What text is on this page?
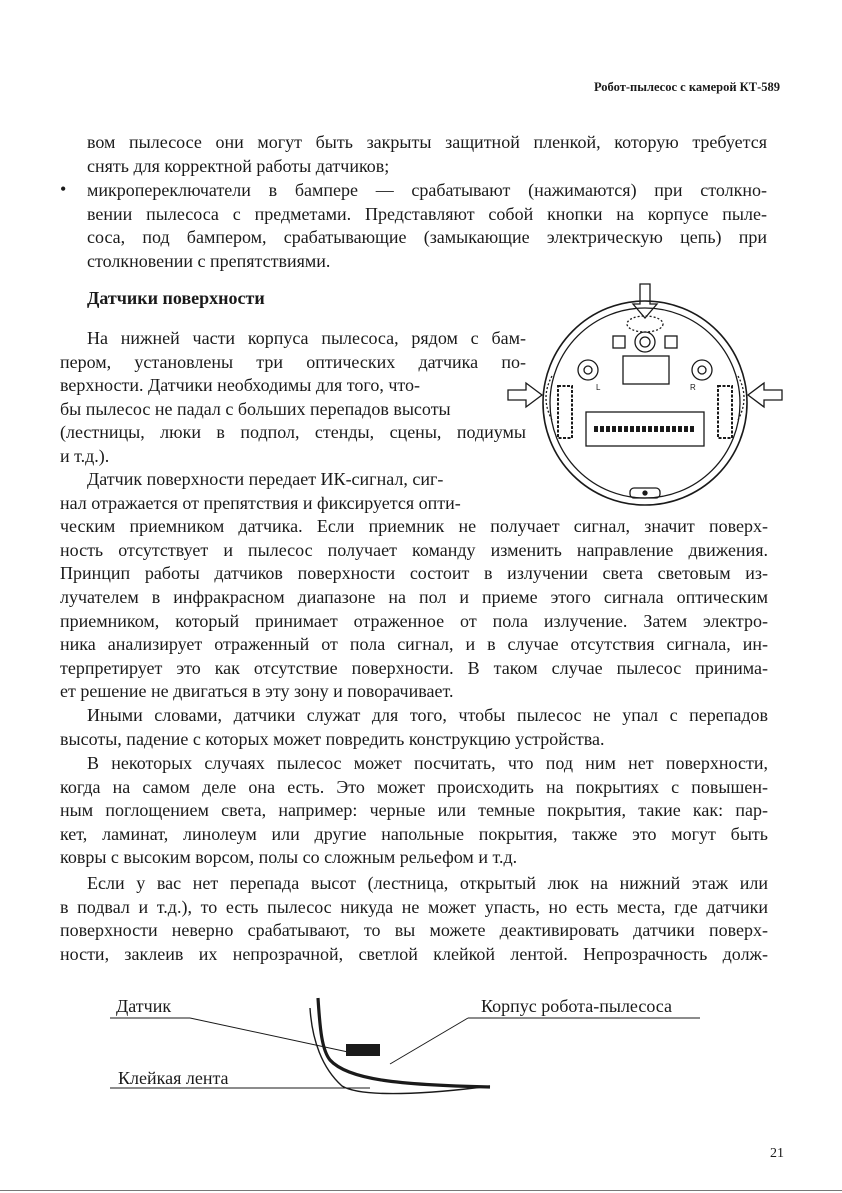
Робот-пылесос с камерой КТ-589
вом пылесосе они могут быть закрыты защитной пленкой, которую требуется
снять для корректной работы датчиков;
• микропереключатели в бампере — срабатывают (нажимаются) при столкно-
вении пылесоса с предметами. Представляют собой кнопки на корпусе пыле-
соса, под бампером, срабатывающие (замыкающие электрическую цепь) при
столкновении с препятствиями.
Датчики поверхности
На нижней части корпуса пылесоса, рядом с бам-
пером, установлены три оптических датчика по-
верхности. Датчики необходимы для того, что-
бы пылесос не падал с больших перепадов высоты
(лестницы, люки в подпол, стенды, сцены, подиумы
и т.д.).
Датчик поверхности передает ИК-сигнал, сиг-
нал отражается от препятствия и фиксируется опти-
ческим приемником датчика. Если приемник не получает сигнал, значит поверх-
ность отсутствует и пылесос получает команду изменить направление движения.
Принцип работы датчиков поверхности состоит в излучении света световым из-
лучателем в инфракрасном диапазоне на пол и приеме этого сигнала оптическим
приемником, который принимает отраженное от пола излучение. Затем электро-
ника анализирует отраженный от пола сигнал, и в случае отсутствия сигнала, ин-
терпретирует это как отсутствие поверхности. В таком случае пылесос принима-
ет решение не двигаться в эту зону и поворачивает.
Иными словами, датчики служат для того, чтобы пылесос не упал с перепадов
высоты, падение с которых может повредить конструкцию устройства.
В некоторых случаях пылесос может посчитать, что под ним нет поверхности,
когда на самом деле она есть. Это может происходить на покрытиях с повышен-
ным поглощением света, например: черные или темные покрытия, такие как: пар-
кет, ламинат, линолеум или другие напольные покрытия, также это могут быть
ковры с высоким ворсом, полы со сложным рельефом и т.д.
Если у вас нет перепада высот (лестница, открытый люк на нижний этаж или
в подвал и т.д.), то есть пылесос никуда не может упасть, но есть места, где датчики
поверхности неверно срабатывают, то вы можете деактивировать датчики поверх-
ности, заклеив их непрозрачной, светлой клейкой лентой. Непрозрачность долж-
L	R
Датчик	Корпус робота-пылесоса
Клейкая лента
21
